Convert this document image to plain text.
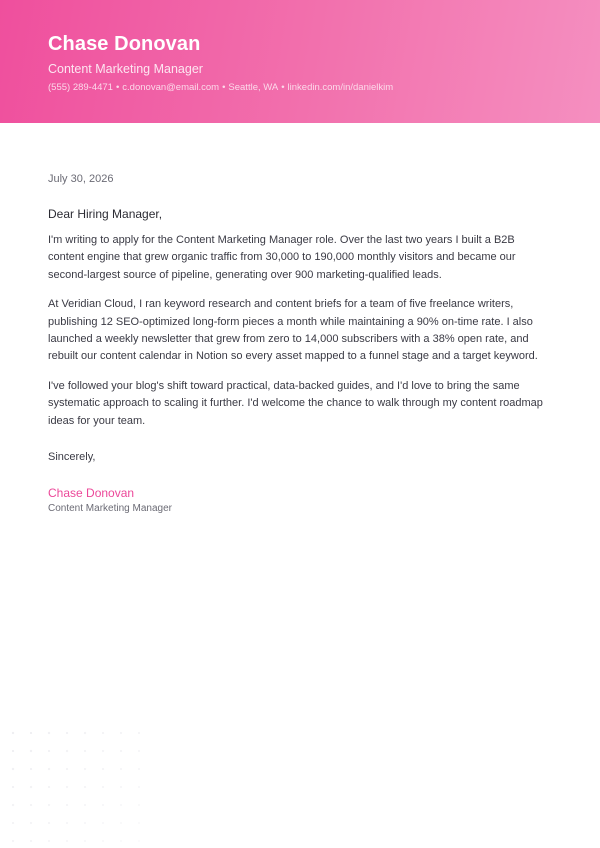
Chase Donovan
Content Marketing Manager
(555) 289-4471 • c.donovan@email.com • Seattle, WA • linkedin.com/in/danielkim
July 30, 2026
Dear Hiring Manager,

I'm writing to apply for the Content Marketing Manager role. Over the last two years I built a B2B content engine that grew organic traffic from 30,000 to 190,000 monthly visitors and became our second-largest source of pipeline, generating over 900 marketing-qualified leads.

At Veridian Cloud, I ran keyword research and content briefs for a team of five freelance writers, publishing 12 SEO-optimized long-form pieces a month while maintaining a 90% on-time rate. I also launched a weekly newsletter that grew from zero to 14,000 subscribers with a 38% open rate, and rebuilt our content calendar in Notion so every asset mapped to a funnel stage and a target keyword.

I've followed your blog's shift toward practical, data-backed guides, and I'd love to bring the same systematic approach to scaling it further. I'd welcome the chance to walk through my content roadmap ideas for your team.

Sincerely,
Chase Donovan
Content Marketing Manager
